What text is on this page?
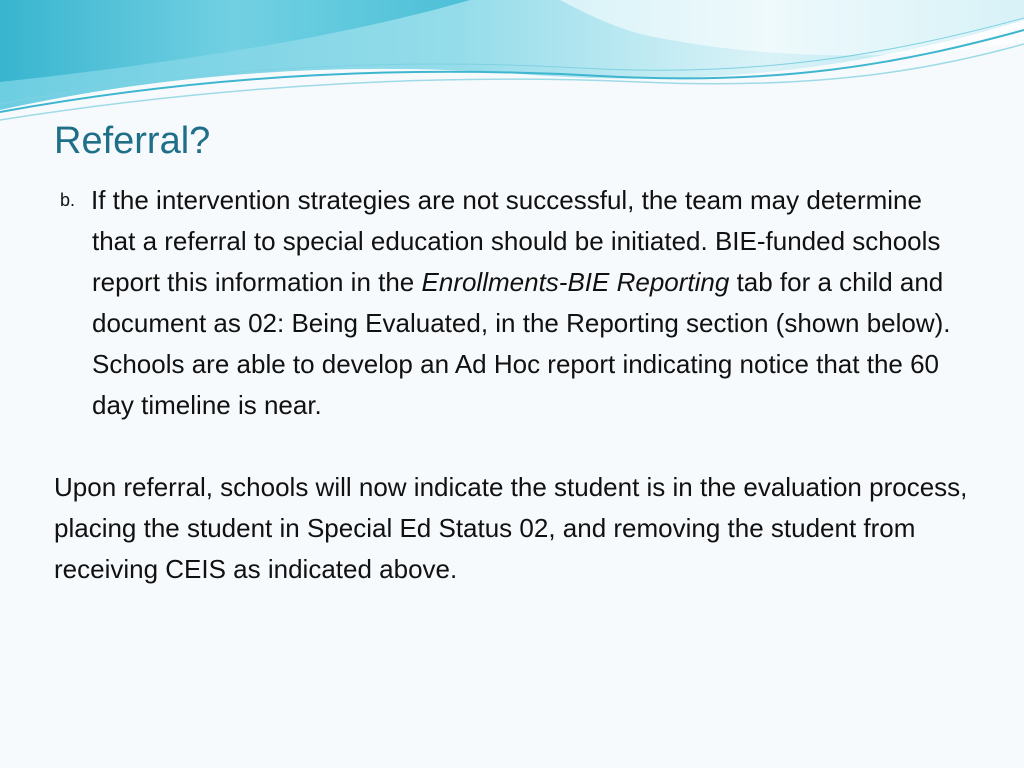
Referral?
b. If the intervention strategies are not successful, the team may determine that a referral to special education should be initiated. BIE-funded schools report this information in the Enrollments-BIE Reporting tab for a child and document as 02: Being Evaluated, in the Reporting section (shown below). Schools are able to develop an Ad Hoc report indicating notice that the 60 day timeline is near.
Upon referral, schools will now indicate the student is in the evaluation process, placing the student in Special Ed Status 02, and removing the student from receiving CEIS as indicated above.
